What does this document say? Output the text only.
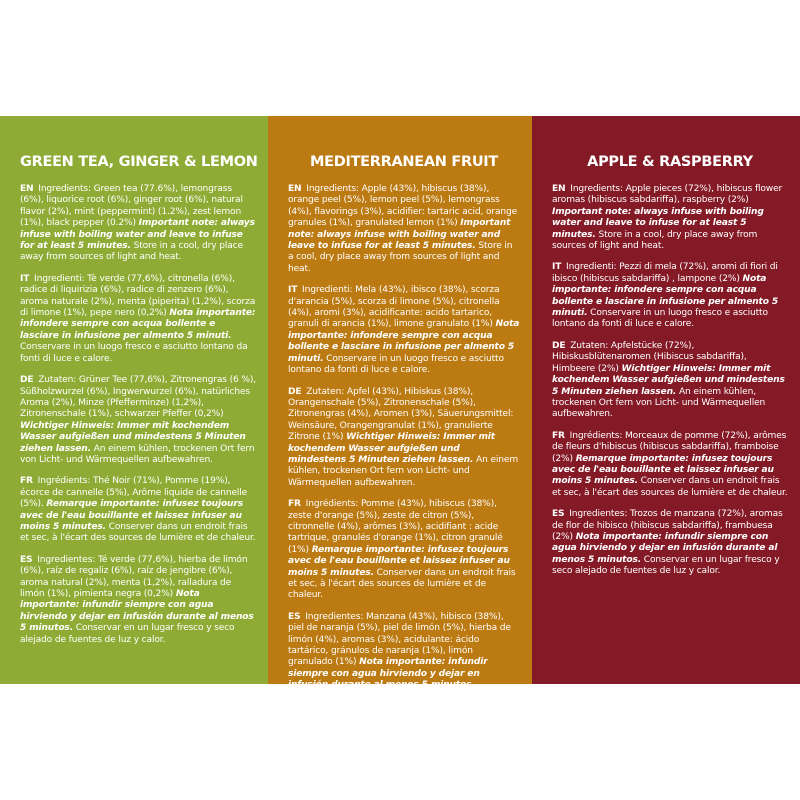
GREEN TEA, GINGER & LEMON

EN Ingredients: Green tea (77.6%), lemongrass (6%), liquorice root (6%), ginger root (6%), natural flavor (2%), mint (peppermint) (1.2%), zest lemon (1%), black pepper (0.2%) Important note: always infuse with boiling water and leave to infuse for at least 5 minutes. Store in a cool, dry place away from sources of light and heat.

IT Ingredienti: Tè verde (77,6%), citronella (6%), radice di liquirizia (6%), radice di zenzero (6%), aroma naturale (2%), menta (piperita) (1,2%), scorza di limone (1%), pepe nero (0,2%) Nota importante: infondere sempre con acqua bollente e lasciare in infusione per almento 5 minuti. Conservare in un luogo fresco e asciutto lontano da fonti di luce e calore.

DE Zutaten: Grüner Tee (77,6%), Zitronengras (6 %), Süßholzwurzel (6%), Ingwerwurzel (6%), natürliches Aroma (2%), Minze (Pfefferminze) (1,2%), Zitronenschale (1%), schwarzer Pfeffer (0,2%) Wichtiger Hinweis: Immer mit kochendem Wasser aufgießen und mindestens 5 Minuten ziehen lassen. An einem kühlen, trockenen Ort fern von Licht- und Wärmequellen aufbewahren.

FR Ingrédients: Thé Noir (71%), Pomme (19%), écorce de cannelle (5%), Arôme liquide de cannelle (5%). Remarque importante: infusez toujours avec de l'eau bouillante et laissez infuser au moins 5 minutes. Conserver dans un endroit frais et sec, à l'écart des sources de lumière et de chaleur.

ES Ingredientes: Té verde (77,6%), hierba de limón (6%), raíz de regaliz (6%), raíz de jengibre (6%), aroma natural (2%), menta (1,2%), ralladura de limón (1%), pimienta negra (0,2%) Nota importante: infundir siempre con agua hirviendo y dejar en infusión durante al menos 5 minutos. Conservar en un lugar fresco y seco alejado de fuentes de luz y calor.

MEDITERRANEAN FRUIT

EN Ingredients: Apple (43%), hibiscus (38%), orange peel (5%), lemon peel (5%), lemongrass (4%), flavorings (3%), acidifier: tartaric acid, orange granules (1%), granulated lemon (1%) Important note: always infuse with boiling water and leave to infuse for at least 5 minutes. Store in a cool, dry place away from sources of light and heat.

IT Ingredienti: Mela (43%), ibisco (38%), scorza d'arancia (5%), scorza di limone (5%), citronella (4%), aromi (3%), acidificante: acido tartarico, granuli di arancia (1%), limone granulato (1%) Nota importante: infondere sempre con acqua bollente e lasciare in infusione per almento 5 minuti. Conservare in un luogo fresco e asciutto lontano da fonti di luce e calore.

DE Zutaten: Apfel (43%), Hibiskus (38%), Orangenschale (5%), Zitronenschale (5%), Zitronengras (4%), Aromen (3%), Säuerungsmittel: Weinsäure, Orangengranulat (1%), granulierte Zitrone (1%) Wichtiger Hinweis: Immer mit kochendem Wasser aufgießen und mindestens 5 Minuten ziehen lassen. An einem kühlen, trockenen Ort fern von Licht- und Wärmequellen aufbewahren.

FR Ingrédients: Pomme (43%), hibiscus (38%), zeste d'orange (5%), zeste de citron (5%), citronnelle (4%), arômes (3%), acidifiant : acide tartrique, granulés d'orange (1%), citron granulé (1%) Remarque importante: infusez toujours avec de l'eau bouillante et laissez infuser au moins 5 minutes. Conserver dans un endroit frais et sec, à l'écart des sources de lumière et de chaleur.

ES Ingredientes: Manzana (43%), hibisco (38%), piel de naranja (5%), piel de limón (5%), hierba de limón (4%), aromas (3%), acidulante: ácido tartárico, gránulos de naranja (1%), limón granulado (1%) Nota importante: infundir siempre con agua hirviendo y dejar en infusión durante al menos 5 minutos. Conservar en un lugar fresco y seco alejado de fuentes de luz y calor.

APPLE & RASPBERRY

EN Ingredients: Apple pieces (72%), hibiscus flower aromas (hibiscus sabdariffa), raspberry (2%) Important note: always infuse with boiling water and leave to infuse for at least 5 minutes. Store in a cool, dry place away from sources of light and heat.

IT Ingredienti: Pezzi di mela (72%), aromi di fiori di ibisco (hibiscus sabdariffa) , lampone (2%) Nota importante: infondere sempre con acqua bollente e lasciare in infusione per almento 5 minuti. Conservare in un luogo fresco e asciutto lontano da fonti di luce e calore.

DE Zutaten: Apfelstücke (72%), Hibiskusblütenaromen (Hibiscus sabdariffa), Himbeere (2%) Wichtiger Hinweis: Immer mit kochendem Wasser aufgießen und mindestens 5 Minuten ziehen lassen. An einem kühlen, trockenen Ort fern von Licht- und Wärmequellen aufbewahren.

FR Ingrédients: Morceaux de pomme (72%), arômes de fleurs d'hibiscus (hibiscus sabdariffa), framboise (2%) Remarque importante: infusez toujours avec de l'eau bouillante et laissez infuser au moins 5 minutes. Conserver dans un endroit frais et sec, à l'écart des sources de lumière et de chaleur.

ES Ingredientes: Trozos de manzana (72%), aromas de flor de hibisco (hibiscus sabdariffa), frambuesa (2%) Nota importante: infundir siempre con agua hirviendo y dejar en infusión durante al menos 5 minutos. Conservar en un lugar fresco y seco alejado de fuentes de luz y calor.
